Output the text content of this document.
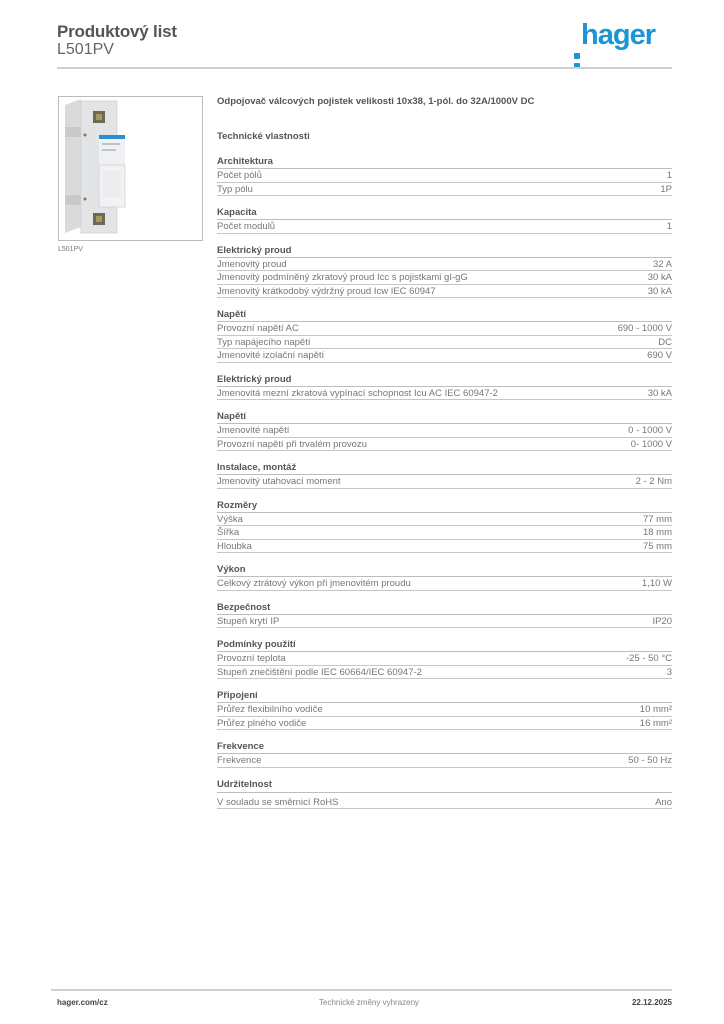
Produktový list
L501PV	hager
L501PV
Odpojovač válcových pojistek velikosti 10x38, 1-pól. do 32A/1000V DC
Technické vlastnosti
Architektura
Počet pólů	1
Typ pólu	1P
Kapacita
Počet modulů	1
Elektrický proud
Jmenovitý proud	32 A
Jmenovitý podmíněný zkratový proud Icc s pojistkami gI-gG	30 kA
Jmenovitý krátkodobý výdržný proud Icw IEC 60947	30 kA
Napětí
Provozní napětí AC	690 - 1000 V
Typ napájecího napětí	DC
Jmenovité izolační napětí	690 V
Elektrický proud
Jmenovitá mezní zkratová vypínací schopnost Icu AC IEC 60947-2	30 kA
Napětí
Jmenovité napětí	0 - 1000 V
Provozní napětí při trvalém provozu	0- 1000 V
Instalace, montáž
Jmenovitý utahovací moment	2 - 2 Nm
Rozměry
Výška	77 mm
Šířka	18 mm
Hloubka	75 mm
Výkon
Celkový ztrátový výkon při jmenovitém proudu	1,10 W
Bezpečnost
Stupeň krytí IP	IP20
Podmínky použití
Provozní teplota	-25 - 50 °C
Stupeň znečištění podle IEC 60664/IEC 60947-2	3
Připojení
Průřez flexibilního vodiče	10 mm²
Průřez plného vodiče	16 mm²
Frekvence
Frekvence	50 - 50 Hz
Udržitelnost
V souladu se směrnicí RoHS	Ano
hager.com/cz	Technické změny vyhrazeny	22.12.2025
